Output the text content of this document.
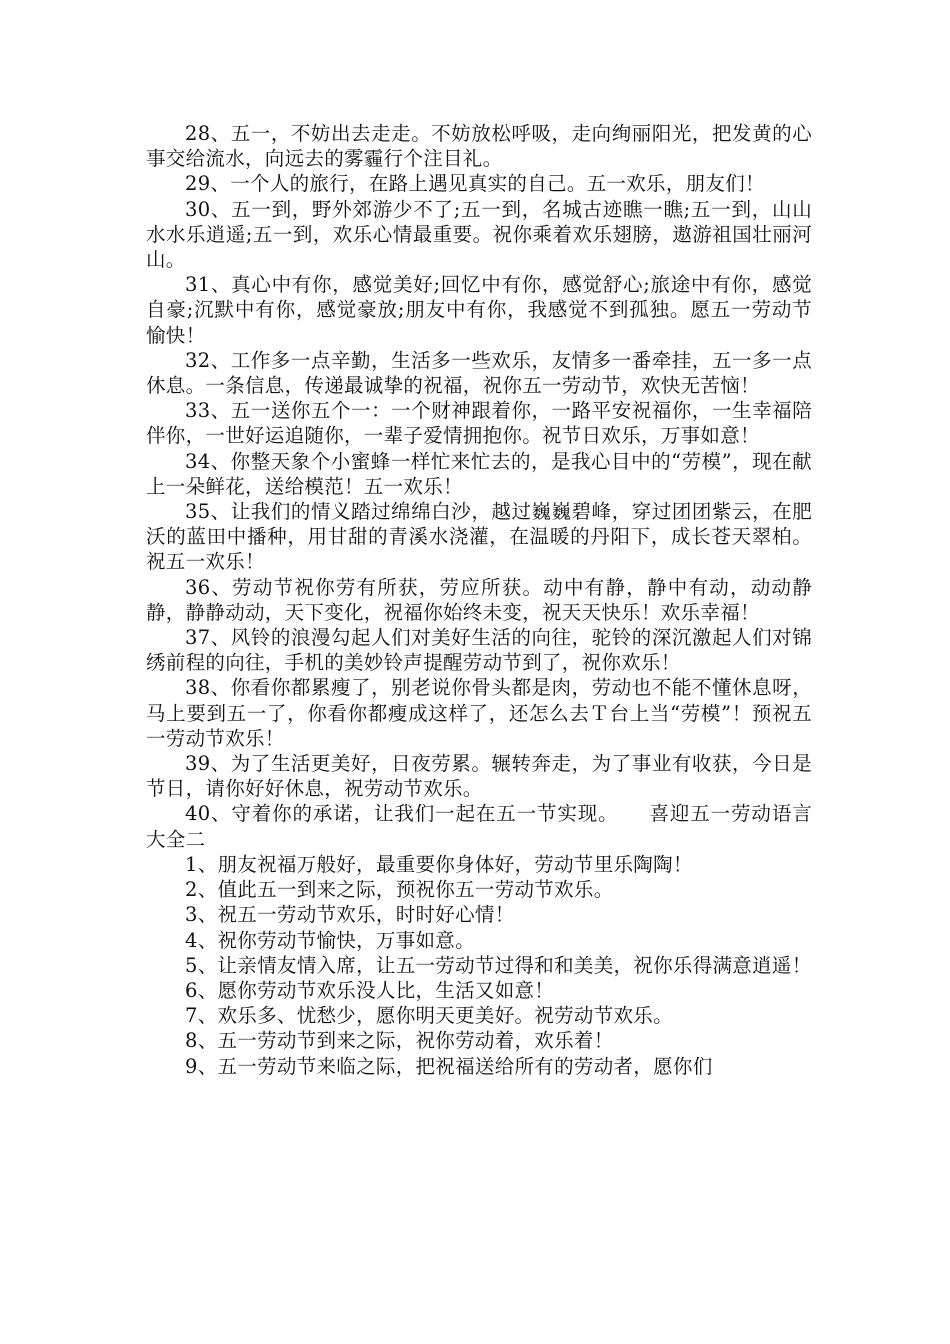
28、五一，不妨出去走走。不妨放松呼吸，走向绚丽阳光，把发黄的心事交给流水，向远去的雾霾行个注目礼。

29、一个人的旅行，在路上遇见真实的自己。五一欢乐，朋友们！

30、五一到，野外郊游少不了;五一到，名城古迹瞧一瞧;五一到，山山水水乐逍遥;五一到，欢乐心情最重要。祝你乘着欢乐翅膀，遨游祖国壮丽河山。

31、真心中有你，感觉美好;回忆中有你，感觉舒心;旅途中有你，感觉自豪;沉默中有你，感觉豪放;朋友中有你，我感觉不到孤独。愿五一劳动节愉快！

32、工作多一点辛勤，生活多一些欢乐，友情多一番牵挂，五一多一点休息。一条信息，传递最诚挚的祝福，祝你五一劳动节，欢快无苦恼！

33、五一送你五个一：一个财神跟着你，一路平安祝福你，一生幸福陪伴你，一世好运追随你，一辈子爱情拥抱你。祝节日欢乐，万事如意！

34、你整天象个小蜜蜂一样忙来忙去的，是我心目中的“劳模”，现在献上一朵鲜花，送给模范！五一欢乐！

35、让我们的情义踏过绵绵白沙，越过巍巍碧峰，穿过团团紫云，在肥沃的蓝田中播种，用甘甜的青溪水浇灌，在温暖的丹阳下，成长苍天翠柏。祝五一欢乐！

36、劳动节祝你劳有所获，劳应所获。动中有静，静中有动，动动静静，静静动动，天下变化，祝福你始终未变，祝天天快乐！欢乐幸福！

37、风铃的浪漫勾起人们对美好生活的向往，驼铃的深沉激起人们对锦绣前程的向往，手机的美妙铃声提醒劳动节到了，祝你欢乐！

38、你看你都累瘦了，别老说你骨头都是肉，劳动也不能不懂休息呀，马上要到五一了，你看你都瘦成这样了，还怎么去Ｔ台上当“劳模”！预祝五一劳动节欢乐！

39、为了生活更美好，日夜劳累。辗转奔走，为了事业有收获，今日是节日，请你好好休息，祝劳动节欢乐。

40、守着你的承诺，让我们一起在五一节实现。　　喜迎五一劳动语言大全二

1、朋友祝福万般好，最重要你身体好，劳动节里乐陶陶！

2、值此五一到来之际，预祝你五一劳动节欢乐。

3、祝五一劳动节欢乐，时时好心情！

4、祝你劳动节愉快，万事如意。

5、让亲情友情入席，让五一劳动节过得和和美美，祝你乐得满意逍遥！

6、愿你劳动节欢乐没人比，生活又如意！

7、欢乐多、忧愁少，愿你明天更美好。祝劳动节欢乐。

8、五一劳动节到来之际，祝你劳动着，欢乐着！

9、五一劳动节来临之际，把祝福送给所有的劳动者，愿你们
